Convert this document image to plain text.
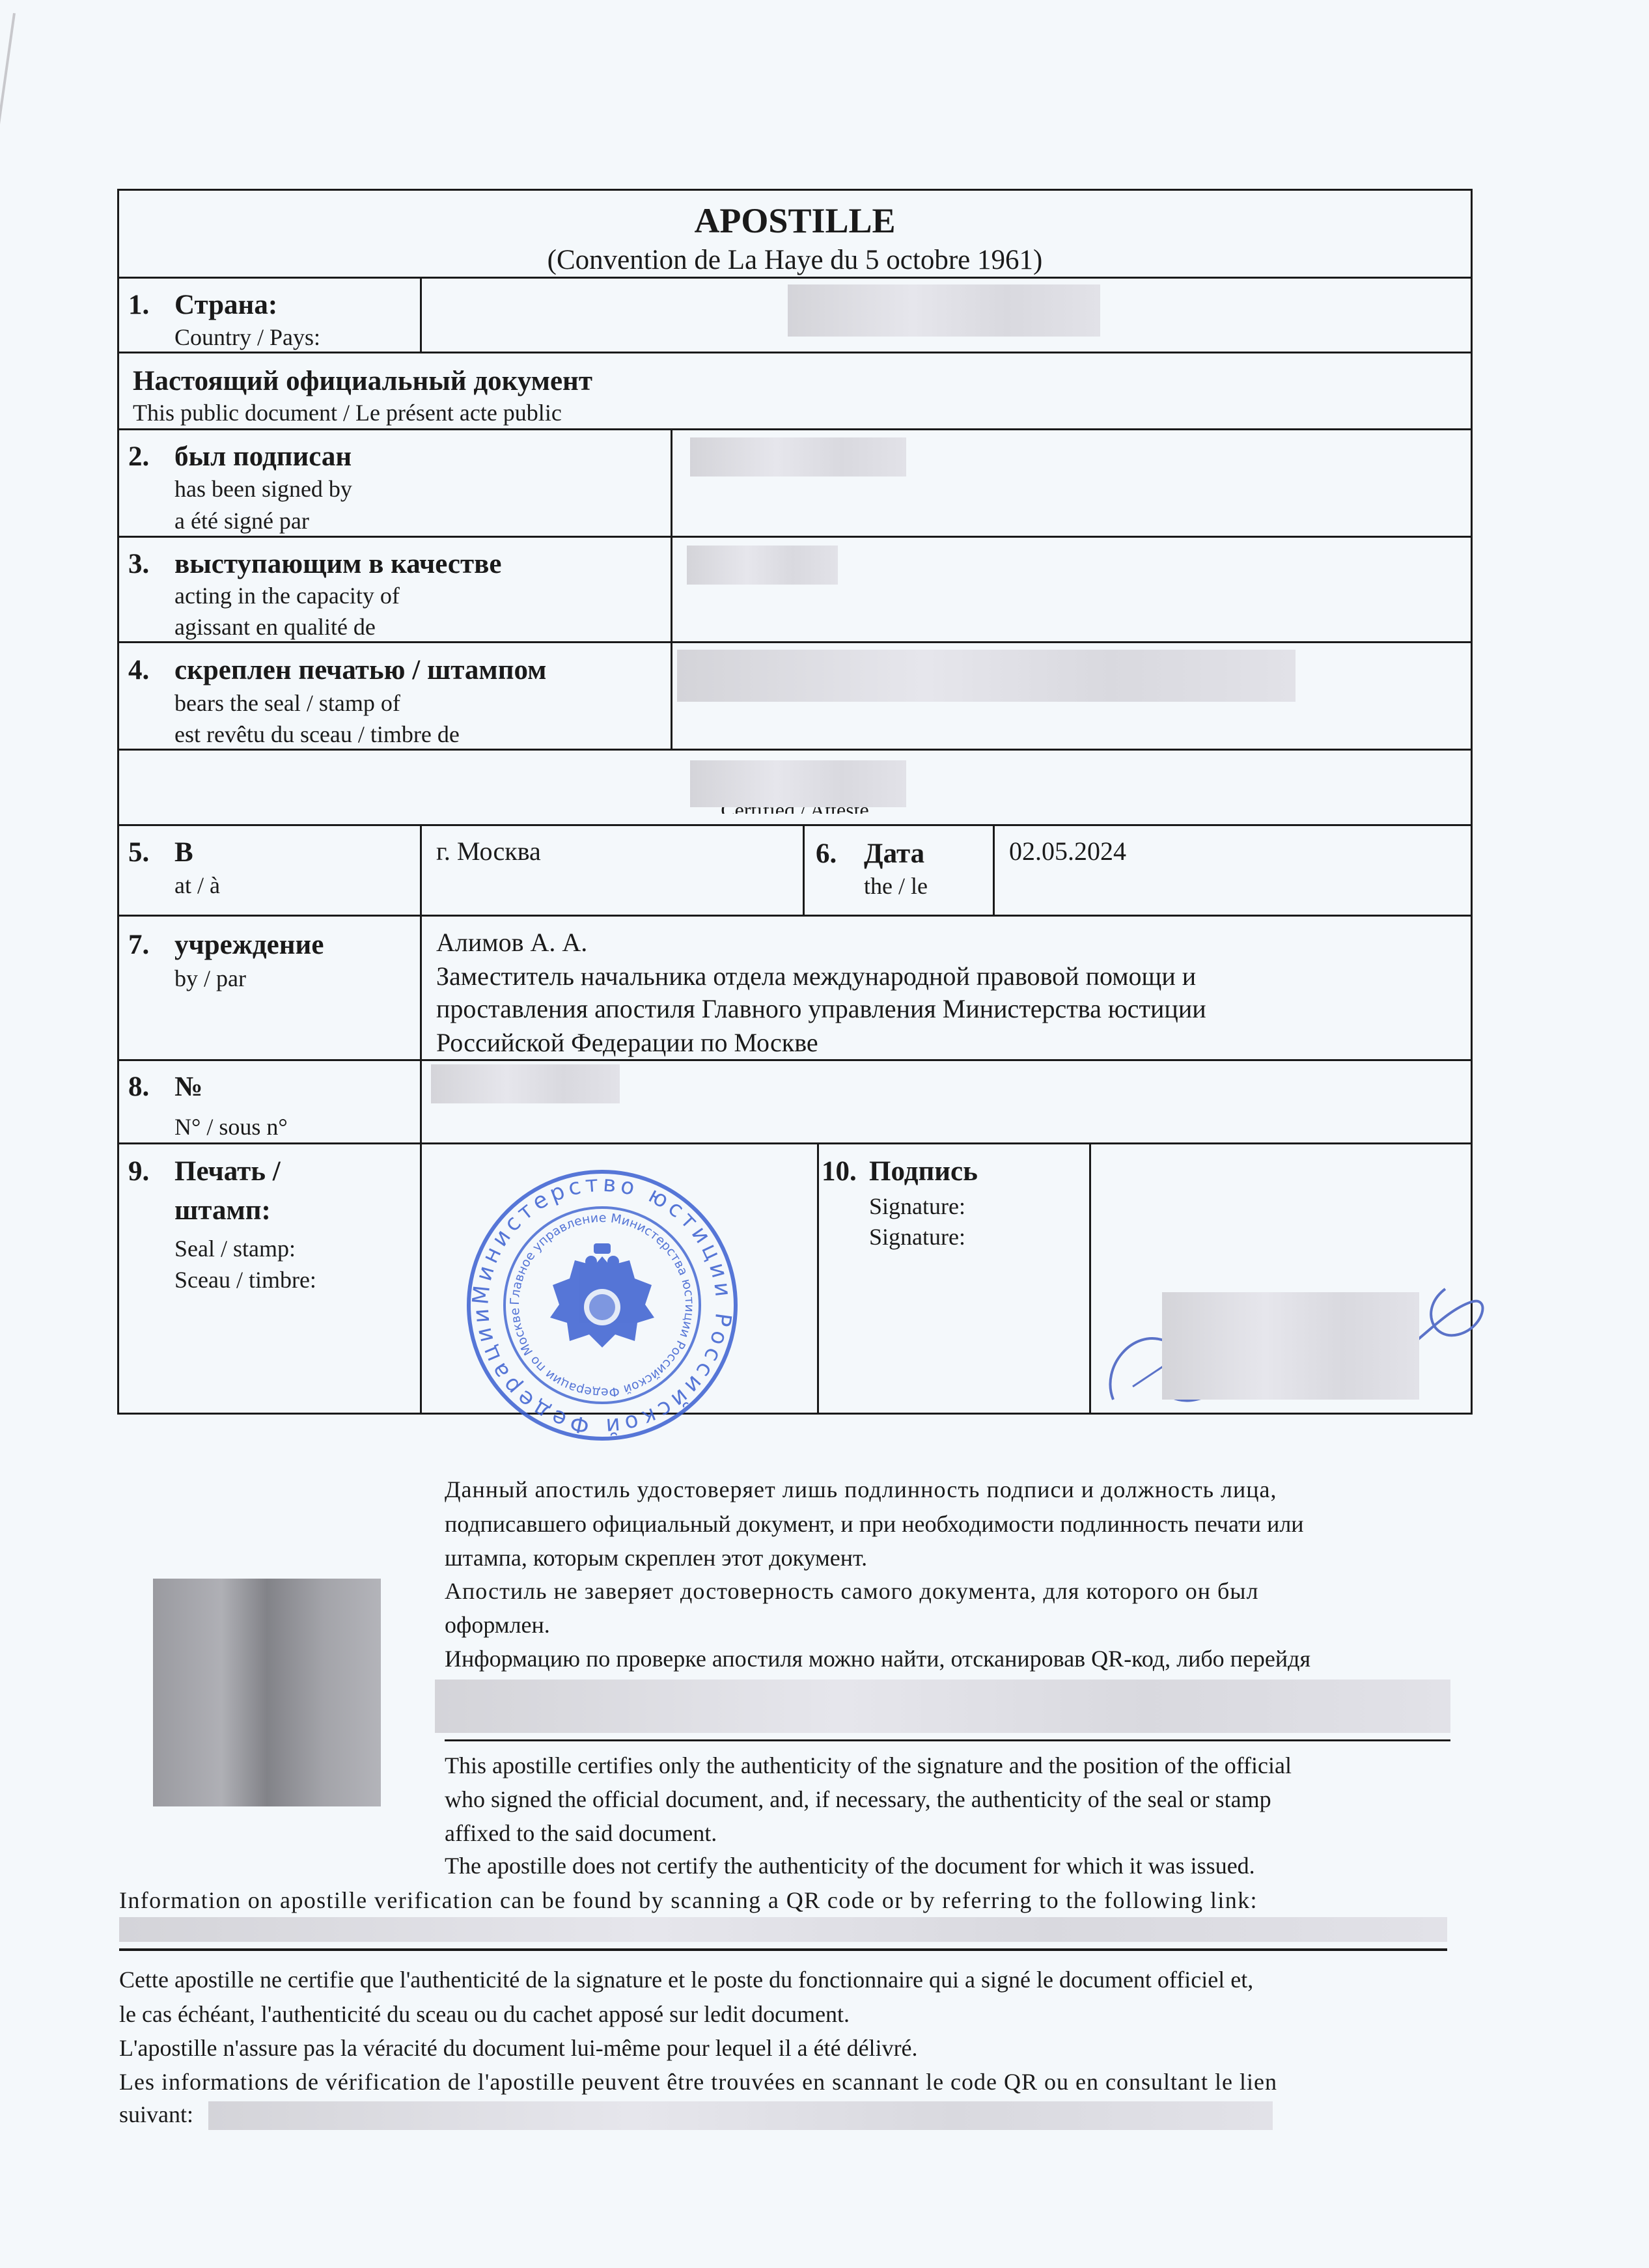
APOSTILLE
(Convention de La Haye du 5 octobre 1961)
1. Страна:
Country / Pays:
Настоящий официальный документ
This public document / Le présent acte public
2. был подписан
has been signed by
a été signé par
3. выступающим в качестве
acting in the capacity of
agissant en qualité de
4. скреплен печатью / штампом
bears the seal / stamp of
est revêtu du sceau / timbre de
5. В
at / à
г. Москва	6. Дата
the / le
02.05.2024
7. учреждение
by / par
Алимов А. А.
Заместитель начальника отдела международной правовой помощи и
проставления апостиля Главного управления Министерства юстиции
Российской Федерации по Москве
8. №
N° / sous n°
9. Печать /
штамп:
Seal / stamp:
Sceau / timbre:
Министерство юстиции Российской Федерации
Главное управление Министерства юстиции Российской Федерации по Москве
10. Подпись
Signature:
Signature:
Данный апостиль удостоверяет лишь подлинность подписи и должность лица,
подписавшего официальный документ, и при необходимости подлинность печати или
штампа, которым скреплен этот документ.
Апостиль не заверяет достоверность самого документа, для которого он был
оформлен.
Информацию по проверке апостиля можно найти, отсканировав QR-код, либо перейдя
This apostille certifies only the authenticity of the signature and the position of the official
who signed the official document, and, if necessary, the authenticity of the seal or stamp
affixed to the said document.
The apostille does not certify the authenticity of the document for which it was issued.
Information on apostille verification can be found by scanning a QR code or by referring to the following link:
Cette apostille ne certifie que l'authenticité de la signature et le poste du fonctionnaire qui a signé le document officiel et,
le cas échéant, l'authenticité du sceau ou du cachet apposé sur ledit document.
L'apostille n'assure pas la véracité du document lui-même pour lequel il a été délivré.
Les informations de vérification de l'apostille peuvent être trouvées en scannant le code QR ou en consultant le lien
suivant:
